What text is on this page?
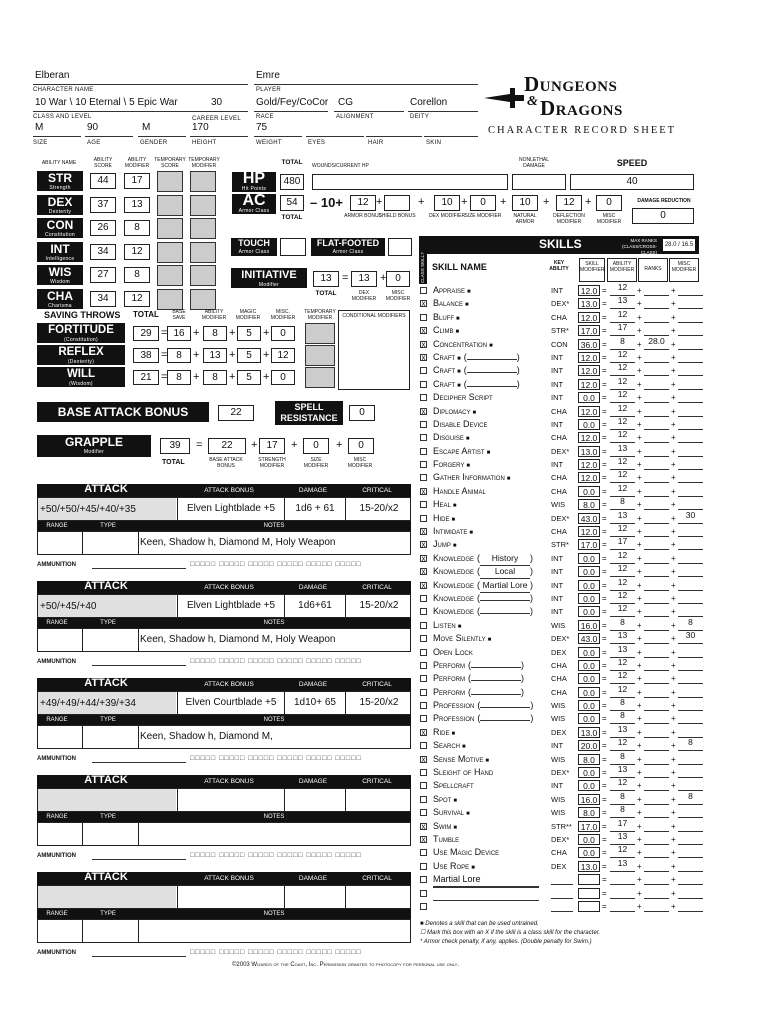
Elberan
CHARACTER NAME
Emre
PLAYER
10 War \ 10 Eternal \ 5 Epic War	30
CLASS AND LEVEL	CAREER LEVEL
Gold/Fey/CoCor
RACE
CG
ALIGNMENT
Corellon
DEITY
M
SIZE
90
AGE
M
GENDER
170
HEIGHT
75
WEIGHT	EYES	HAIR	SKIN
Dungeons
& Dragons
CHARACTER RECORD SHEET
ABILITY NAME	ABILITY SCORE
ABILITY MODIFIER
TEMPORARY SCORE
TEMPORARY MODIFIER
STR
Strength
44	17
DEX
Dexterity
37	13
CON
Constitution
26	8
INT
Intelligence
34	12
WIS
Wisdom
27	8
CHA
Charisma
34	12
HP
Hit Points
TOTAL
480
WOUNDS/CURRENT HP
NONLETHAL DAMAGE	SPEED
40
AC
Armor Class
54
TOTAL
– 10+	12
ARMOR BONUS
+
SHIELD BONUS
+	10
DEX MODIFIER
+	0
SIZE MODIFIER
+	10
NATURAL ARMOR
+	12
DEFLECTION MODIFIER
+	0
MISC MODIFIER
DAMAGE REDUCTION
0
TOUCH
Armor Class
FLAT-FOOTED
Armor Class
INITIATIVE
Modifier
13 =	13 + 0
TOTAL	DEX MODIFIER
MISC MODIFIER
SAVING THROWS TOTAL	BASE SAVE
ABILITY MODIFIER
MAGIC MODIFIER
MISC. MODIFIER
TEMPORARY MODIFIER	CONDITIONAL MODIFIERS
FORTITUDE
(Constitution)
29 = 16 +	8	+	5	+	0
REFLEX
(Dexterity)
38 = 8	+	13 +	5	+ 12
WILL
(Wisdom)
21 = 8	+	8	+	5	+	0
BASE ATTACK BONUS	22	SPELL
RESISTANCE	0
GRAPPLE
Modifier
39	=	22	+ 17	+	0	+	0
TOTAL	BASE ATTACK BONUS
STRENGTH MODIFIER
SIZE MODIFIER
MISC MODIFIER
ATTACK	ATTACK BONUS	DAMAGE	CRITICAL
+50/+50/+45/+40/+35	Elven Lightblade +5	1d6 + 61	15-20/x2
RANGE	TYPE	NOTES
Keen, Shadow h, Diamond M, Holy Weapon
AMMUNITION	□□□□□ □□□□□ □□□□□ □□□□□ □□□□□ □□□□□
ATTACK	ATTACK BONUS	DAMAGE	CRITICAL
+50/+45/+40	Elven Lightblade +5	1d6+61	15-20/x2
RANGE	TYPE	NOTES
Keen, Shadow h, Diamond M, Holy Weapon
AMMUNITION	□□□□□ □□□□□ □□□□□ □□□□□ □□□□□ □□□□□
ATTACK	ATTACK BONUS	DAMAGE	CRITICAL
+49/+49/+44/+39/+34	Elven Courtblade +5	1d10+ 65	15-20/x2
RANGE	TYPE	NOTES
Keen, Shadow h, Diamond M,
AMMUNITION	□□□□□ □□□□□ □□□□□ □□□□□ □□□□□ □□□□□
ATTACK	ATTACK BONUS	DAMAGE	CRITICAL
RANGE	TYPE	NOTES
AMMUNITION	□□□□□ □□□□□ □□□□□ □□□□□ □□□□□ □□□□□
ATTACK	ATTACK BONUS	DAMAGE	CRITICAL
RANGE	TYPE	NOTES
AMMUNITION	□□□□□ □□□□□ □□□□□ □□□□□ □□□□□ □□□□□
SKILLS	MAX RANKS (CLASS/CROSS-CLASS)
28.0 / 16.5
CLASS SKILL? SKILL NAME	KEY ABILITY
SKILL MODIFIER
ABILITY MODIFIER	RANKS
MISC MODIFIER
Appraise ■	INT	12.0 =	12	+	+
x Balance ■	DEX*	13.0 =	13	+	+
Bluff ■	CHA	12.0 =	12	+	+
x Climb ■	STR*	17.0 =	17	+	+
x Concentration ■	CON	36.0 =	8	+ 28.0 +
x Craft ■ (	)	INT	12.0 =	12	+	+
Craft ■ (	)	INT	12.0 =	12	+	+
Craft ■ (	)	INT	12.0 =	12	+	+
Decipher Script	INT	0.0 =	12	+	+
x Diplomacy ■	CHA	12.0 =	12	+	+
Disable Device	INT	0.0 =	12	+	+
Disguise ■	CHA	12.0 =	12	+	+
Escape Artist ■	DEX*	13.0 =	13	+	+
Forgery ■	INT	12.0 =	12	+	+
Gather Information ■	CHA	12.0 =	12	+	+
x Handle Animal	CHA	0.0 =	12	+	+
Heal ■	WIS	8.0 =	8	+	+
Hide ■	DEX*	43.0 =	13	+	+	30
x Intimidate ■	CHA	12.0 =	12	+	+
x Jump ■	STR*	17.0 =	17	+	+
x Knowledge ( History ) INT	0.0 =	12	+	+
x Knowledge ( Local ) INT	0.0 =	12	+	+
x Knowledge ( Martial Lore ) INT	0.0 =	12	+	+
Knowledge (	) INT	0.0 =	12	+	+
Knowledge (	) INT	0.0 =	12	+	+
Listen ■	WIS	16.0 =	8	+	+	8
Move Silently ■	DEX*	43.0 =	13	+	+	30
Open Lock	DEX	0.0 =	13	+	+
Perform (	)	CHA	0.0 =	12	+	+
Perform (	)	CHA	0.0 =	12	+	+
Perform (	)	CHA	0.0 =	12	+	+
Profession (	) WIS	0.0 =	8	+	+
Profession (	) WIS	0.0 =	8	+	+
x Ride ■	DEX	13.0 =	13	+	+
Search ■	INT	20.0 =	12	+	+	8
x Sense Motive ■	WIS	8.0 =	8	+	+
Sleight of Hand	DEX*	0.0 =	13	+	+
Spellcraft	INT	0.0 =	12	+	+
Spot ■	WIS	16.0 =	8	+	+	8
Survival ■	WIS	8.0 =	8	+	+
x Swim ■	STR**	17.0 =	17	+	+
x Tumble	DEX*	0.0 =	13	+	+
Use Magic Device	CHA	0.0 =	12	+	+
Use Rope ■	DEX	13.0 =	13	+	+
Martial Lore	=	+	+
=	+	+
=	+	+
■ Denotes a skill that can be used untrained.
☐ Mark this box with an X if the skill is a class skill for the character.
* Armor check penalty, if any, applies. (Double penalty for Swim.)
©2003 Wizards of the Coast, Inc. Permission granted to photocopy for personal use only.
